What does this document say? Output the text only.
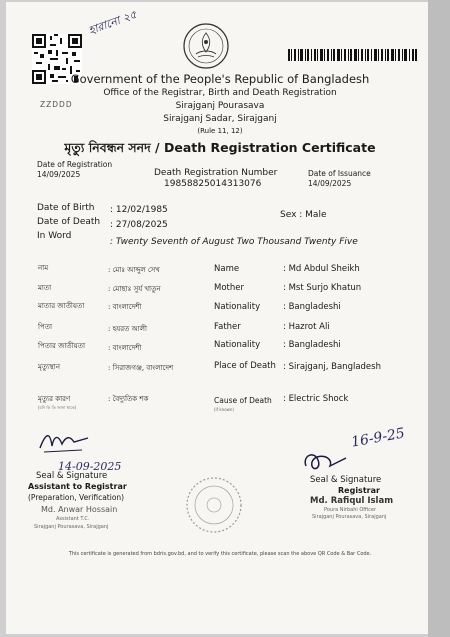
হারানো ২৫
ZZDDD
Government of the People's Republic of Bangladesh
Office of the Registrar, Birth and Death Registration
Sirajganj Pourasava
Sirajganj Sadar, Sirajganj
(Rule 11, 12)
মৃত্যু নিবন্ধন সনদ / Death Registration Certificate
Date of Registration
14/09/2025	Death Registration Number
19858825014313076
Date of Issuance
14/09/2025
Date of Birth : 12/02/1985
Date of Death : 27/08/2025
In Word
: Twenty Seventh of August Two Thousand Twenty Five
Sex : Male
নাম	: মোঃ আব্দুল সেখ	Name	: Md Abdul Sheikh
মাতা	: মোছাঃ সুর্য খাতুন	Mother	: Mst Surjo Khatun
মাতার জাতীয়তা	: বাংলাদেশী	Nationality	: Bangladeshi
পিতা	: হযরত আলী	Father	: Hazrot Ali
পিতার জাতীয়তা	: বাংলাদেশী	Nationality	: Bangladeshi
মৃত্যুস্থান	: সিরাজগঞ্জ, বাংলাদেশ	Place of Death : Sirajganj, Bangladesh
মৃত্যুর কারণ
(যদি কি তি জানা থাকে)
: বৈদ্যুতিক শক	Cause of Death
(if known)
: Electric Shock
14-09-2025
Seal & Signature
Assistant to Registrar
(Preparation, Verification)
Md. Anwar Hossain
Assistant T.C.
Sirajganj Pourasava, Sirajganj
16-9-25
Seal & Signature
Registrar
Md. Rafiqul Islam
Poura Nirbahi Officer
Sirajganj Pourasava, Sirajganj
This certificate is generated from bdris.gov.bd, and to verify this certificate, please scan the above QR Code & Bar Code.
